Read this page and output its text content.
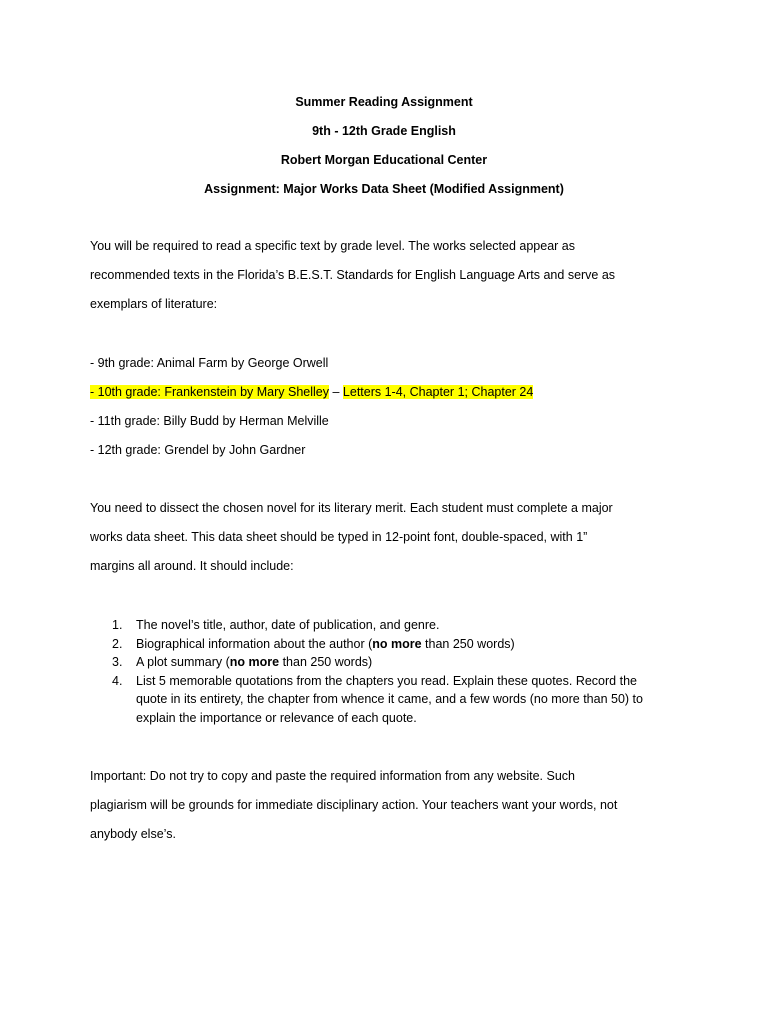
Summer Reading Assignment
9th - 12th Grade English
Robert Morgan Educational Center
Assignment: Major Works Data Sheet (Modified Assignment)
You will be required to read a specific text by grade level. The works selected appear as
recommended texts in the Florida’s B.E.S.T. Standards for English Language Arts and serve as
exemplars of literature:
- 9th grade: Animal Farm by George Orwell
- 10th grade: Frankenstein by Mary Shelley – Letters 1-4, Chapter 1; Chapter 24
- 11th grade: Billy Budd by Herman Melville
- 12th grade: Grendel by John Gardner
You need to dissect the chosen novel for its literary merit. Each student must complete a major
works data sheet. This data sheet should be typed in 12-point font, double-spaced, with 1”
margins all around. It should include:
1. The novel’s title, author, date of publication, and genre.
2. Biographical information about the author (no more than 250 words)
3. A plot summary (no more than 250 words)
4. List 5 memorable quotations from the chapters you read. Explain these quotes. Record the
quote in its entirety, the chapter from whence it came, and a few words (no more than 50) to
explain the importance or relevance of each quote.
Important: Do not try to copy and paste the required information from any website. Such
plagiarism will be grounds for immediate disciplinary action. Your teachers want your words, not
anybody else’s.
